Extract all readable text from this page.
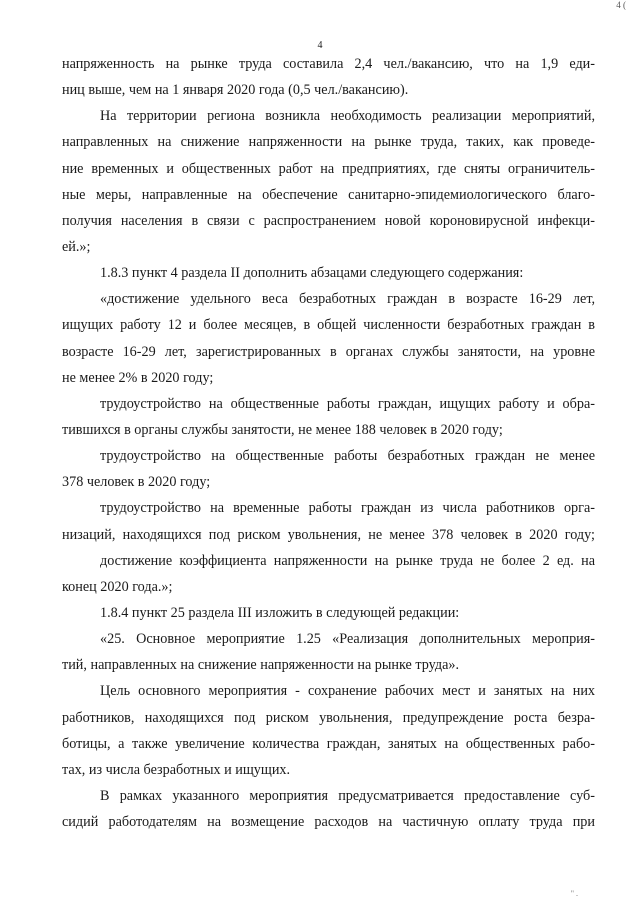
4 (
4
напряженность на рынке труда составила 2,4 чел./вакансию, что на 1,9 еди-
ниц выше, чем на 1 января 2020 года (0,5 чел./вакансию).
На территории региона возникла необходимость реализации мероприятий,
направленных на снижение напряженности на рынке труда, таких, как проведе-
ние временных и общественных работ на предприятиях, где сняты ограничитель-
ные меры, направленные на обеспечение санитарно-эпидемиологического благо-
получия населения в связи с распространением новой короновирусной инфекци-
ей.»;
1.8.3 пункт 4 раздела II дополнить абзацами следующего содержания:
«достижение удельного веса безработных граждан в возрасте 16-29 лет,
ищущих работу 12 и более месяцев, в общей численности безработных граждан в
возрасте 16-29 лет, зарегистрированных в органах службы занятости, на уровне
не менее 2% в 2020 году;
трудоустройство на общественные работы граждан, ищущих работу и обра-
тившихся в органы службы занятости, не менее 188 человек в 2020 году;
трудоустройство на общественные работы безработных граждан не менее
378 человек в 2020 году;
трудоустройство на временные работы граждан из числа работников орга-
низаций, находящихся под риском увольнения, не менее 378 человек в 2020 году;
достижение коэффициента напряженности на рынке труда не более 2 ед. на
конец 2020 года.»;
1.8.4 пункт 25 раздела III изложить в следующей редакции:
«25. Основное мероприятие 1.25 «Реализация дополнительных мероприя-
тий, направленных на снижение напряженности на рынке труда».
Цель основного мероприятия - сохранение рабочих мест и занятых на них
работников, находящихся под риском увольнения, предупреждение роста безра-
ботицы, а также увеличение количества граждан, занятых на общественных рабо-
тах, из числа безработных и ищущих.
В рамках указанного мероприятия предусматривается предоставление суб-
сидий работодателям на возмещение расходов на частичную оплату труда при
" .
